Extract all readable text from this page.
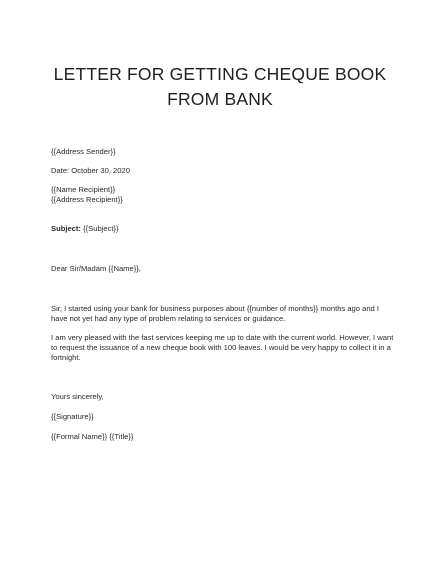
LETTER FOR GETTING CHEQUE BOOK FROM BANK
{{Address Sender}}
Date: October 30, 2020
{{Name Recipient}}
{{Address Recipient}}
Subject: {{Subject}}
Dear Sir/Madam {{Name}},
Sir, I started using your bank for business purposes about {{number of months}} months ago and I have not yet had any type of problem relating to services or guidance.
I am very pleased with the fast services keeping me up to date with the current world. However, I want to request the issuance of a new cheque book with 100 leaves. I would be very happy to collect it in a fortnight.
Yours sincerely,
{{Signature}}
{{Formal Name}} {{Title}}
